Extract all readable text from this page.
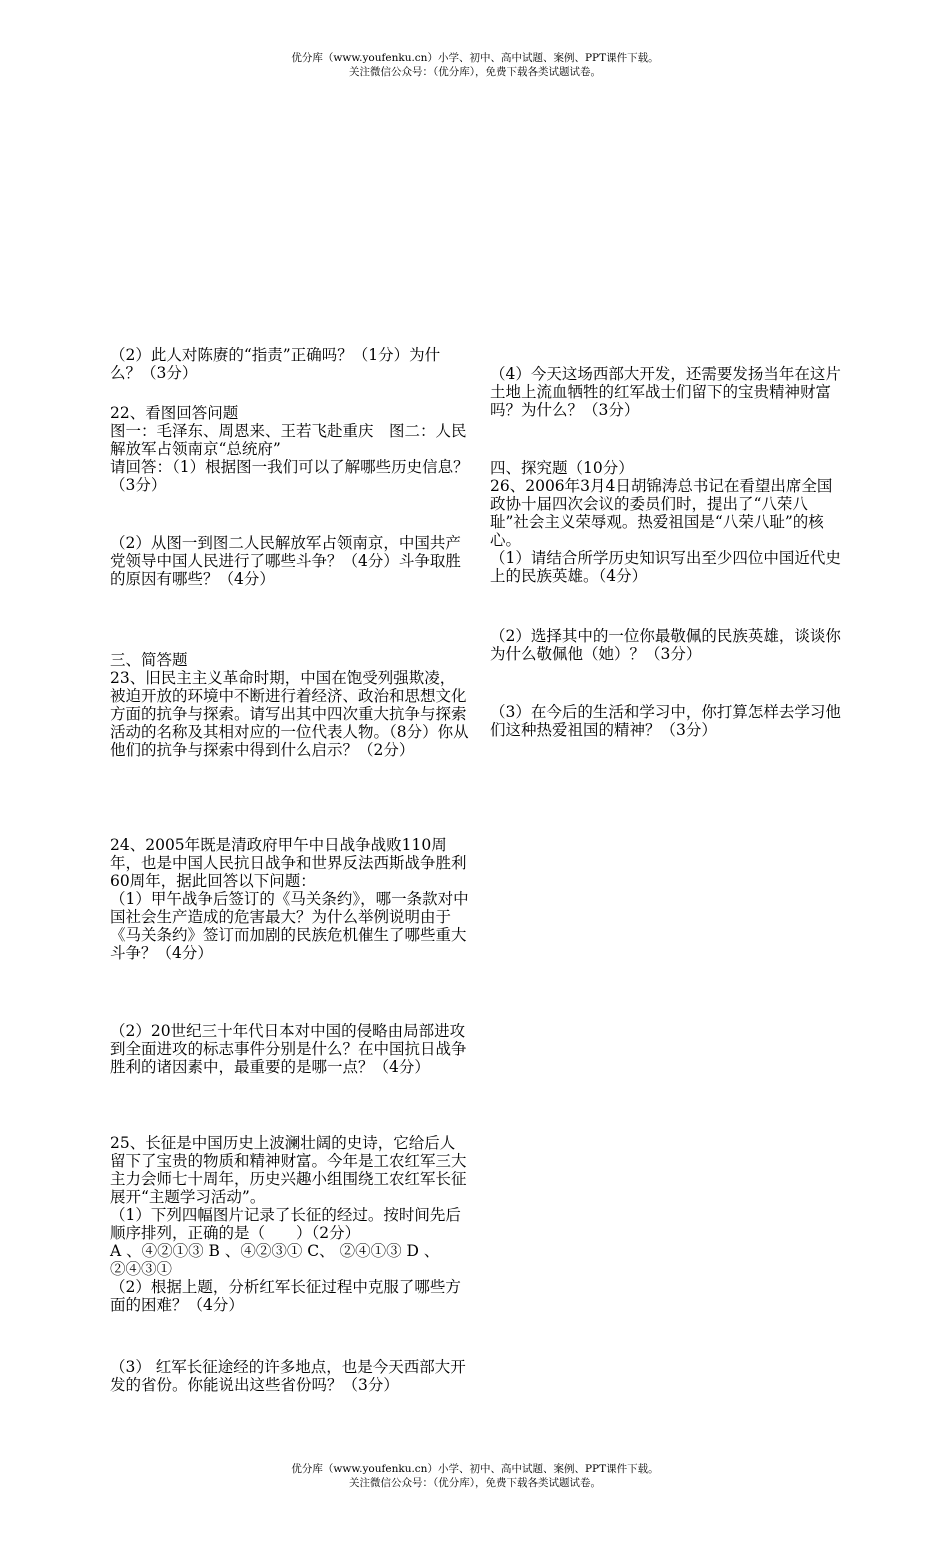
优分库（www.youfenku.cn）小学、初中、高中试题、案例、PPT课件下载。
关注微信公众号：（优分库），免费下载各类试题试卷。

（2）此人对陈赓的“指责”正确吗？（1分）为什么？（3分）

22、看图回答问题

图一：毛泽东、周恩来、王若飞赴重庆　图二：人民解放军占领南京“总统府”

请回答：（1）根据图一我们可以了解哪些历史信息？（3分）

（2）从图一到图二人民解放军占领南京，中国共产党领导中国人民进行了哪些斗争？（4分）斗争取胜的原因有哪些？（4分）

三、简答题

23、旧民主主义革命时期，中国在饱受列强欺凌，被迫开放的环境中不断进行着经济、政治和思想文化方面的抗争与探索。请写出其中四次重大抗争与探索活动的名称及其相对应的一位代表人物。（8分）你从他们的抗争与探索中得到什么启示？（2分）

24、2005年既是清政府甲午中日战争战败110周年，也是中国人民抗日战争和世界反法西斯战争胜利60周年，据此回答以下问题：

（1）甲午战争后签订的《马关条约》，哪一条款对中国社会生产造成的危害最大？为什么举例说明由于《马关条约》签订而加剧的民族危机催生了哪些重大斗争？（4分）

（2）20世纪三十年代日本对中国的侵略由局部进攻到全面进攻的标志事件分别是什么？在中国抗日战争胜利的诸因素中，最重要的是哪一点？（4分）

25、长征是中国历史上波澜壮阔的史诗，它给后人留下了宝贵的物质和精神财富。今年是工农红军三大主力会师七十周年，历史兴趣小组围绕工农红军长征展开“主题学习活动”。

（1）下列四幅图片记录了长征的经过。按时间先后顺序排列，正确的是（　　）（2分）

A 、④②①③ B 、④②③① C、 ②④①③ D 、②④③①

（2）根据上题，分析红军长征过程中克服了哪些方面的困难？（4分）

（3） 红军长征途经的许多地点，也是今天西部大开发的省份。你能说出这些省份吗？（3分）

（4）今天这场西部大开发，还需要发扬当年在这片土地上流血牺牲的红军战士们留下的宝贵精神财富吗？为什么？（3分）

四、探究题（10分）

26、2006年3月4日胡锦涛总书记在看望出席全国政协十届四次会议的委员们时，提出了“八荣八耻”社会主义荣辱观。热爱祖国是“八荣八耻”的核心。

（1）请结合所学历史知识写出至少四位中国近代史上的民族英雄。（4分）

（2）选择其中的一位你最敬佩的民族英雄，谈谈你为什么敬佩他（她）？（3分）

（3）在今后的生活和学习中，你打算怎样去学习他们这种热爱祖国的精神？（3分）

优分库（www.youfenku.cn）小学、初中、高中试题、案例、PPT课件下载。
关注微信公众号：（优分库），免费下载各类试题试卷。
